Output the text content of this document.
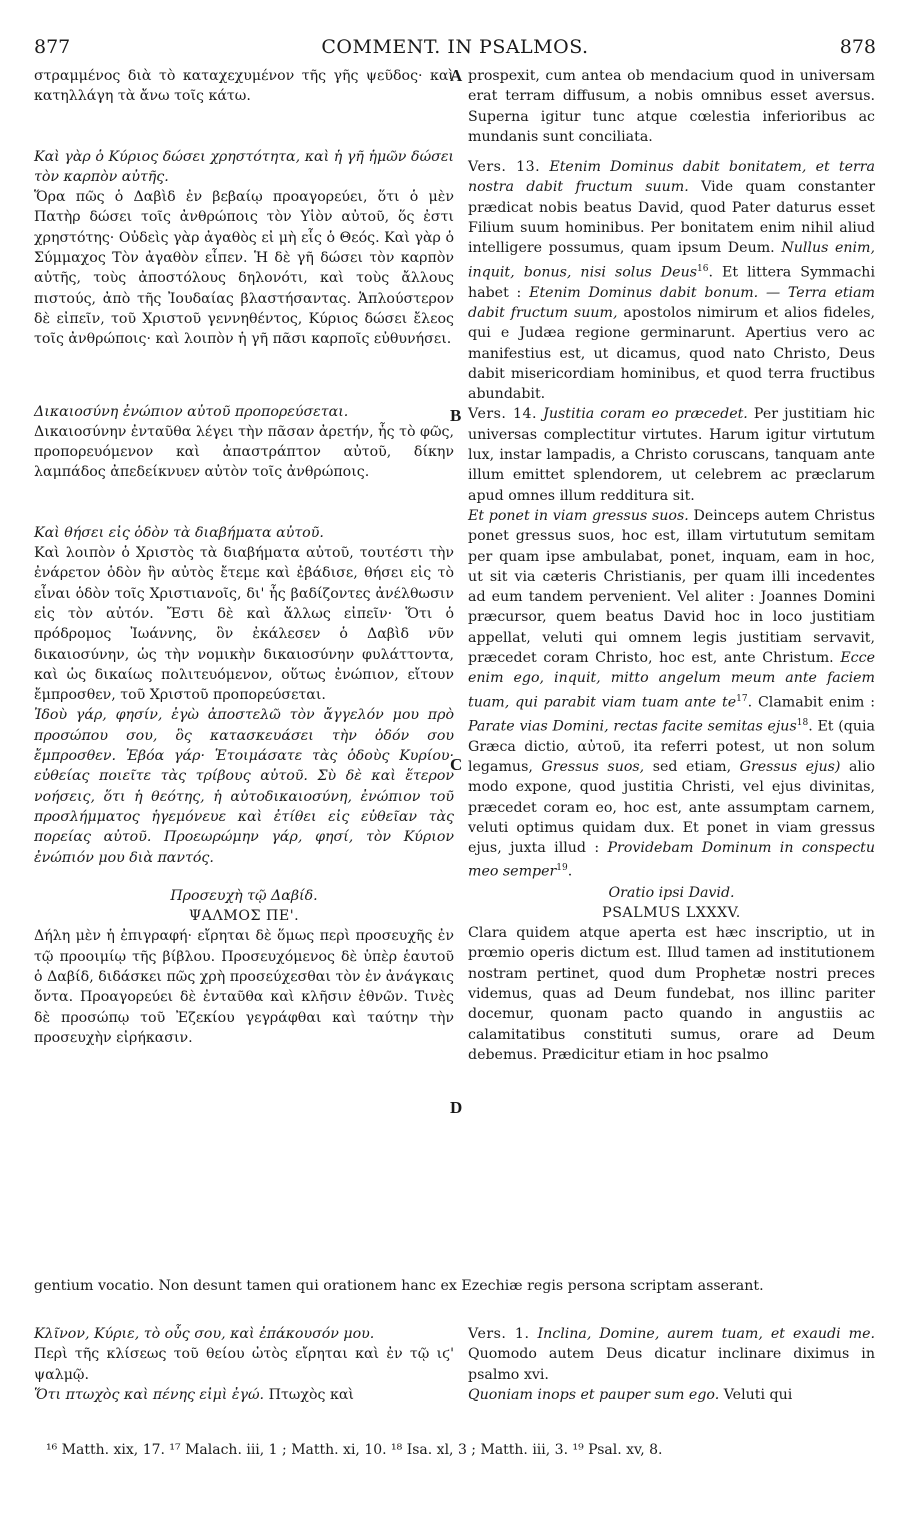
877	COMMENT. IN PSALMOS.	878
A
B
C
D

στραμμένος διὰ τὸ καταχεχυμένον τῆς γῆς ψεῦδος· καὶ κατηλλάγη τὰ ἄνω τοῖς κάτω.

Καὶ γὰρ ὁ Κύριος δώσει χρηστότητα, καὶ ἡ γῆ ἡμῶν δώσει τὸν καρπὸν αὐτῆς.

Ὅρα πῶς ὁ Δαβὶδ ἐν βεβαίῳ προαγορεύει, ὅτι ὁ μὲν Πατὴρ δώσει τοῖς ἀνθρώποις τὸν Υἱὸν αὐτοῦ, ὅς ἐστι χρηστότης· Οὐδεὶς γὰρ ἀγαθὸς εἰ μὴ εἷς ὁ Θεός. Καὶ γὰρ ὁ Σύμμαχος Τὸν ἀγαθὸν εἶπεν. Ἡ δὲ γῆ δώσει τὸν καρπὸν αὐτῆς, τοὺς ἀποστόλους δηλονότι, καὶ τοὺς ἄλλους πιστούς, ἀπὸ τῆς Ἰουδαίας βλαστήσαντας. Ἁπλούστερον δὲ εἰπεῖν, τοῦ Χριστοῦ γεννηθέντος, Κύριος δώσει ἔλεος τοῖς ἀνθρώποις· καὶ λοιπὸν ἡ γῆ πᾶσι καρποῖς εὐθυνήσει.

Δικαιοσύνη ἐνώπιον αὐτοῦ προπορεύσεται.

Δικαιοσύνην ἐνταῦθα λέγει τὴν πᾶσαν ἀρετήν, ἧς τὸ φῶς, προπορευόμενον καὶ ἀπαστράπτον αὐτοῦ, δίκην λαμπάδος ἀπεδείκνυεν αὐτὸν τοῖς ἀνθρώποις.

Καὶ θήσει εἰς ὁδὸν τὰ διαβήματα αὐτοῦ.

Καὶ λοιπὸν ὁ Χριστὸς τὰ διαβήματα αὐτοῦ, τουτέστι τὴν ἐνάρετον ὁδὸν ἣν αὐτὸς ἔτεμε καὶ ἐβάδισε, θήσει εἰς τὸ εἶναι ὁδὸν τοῖς Χριστιανοῖς, δι' ἧς βαδίζοντες ἀνέλθωσιν εἰς τὸν αὐτόν. Ἔστι δὲ καὶ ἄλλως εἰπεῖν· Ὅτι ὁ πρόδρομος Ἰωάννης, ὃν ἐκάλεσεν ὁ Δαβὶδ νῦν δικαιοσύνην, ὡς τὴν νομικὴν δικαιοσύνην φυλάττοντα, καὶ ὡς δικαίως πολιτευόμενον, οὕτως ἐνώπιον, εἴτουν ἔμπροσθεν, τοῦ Χριστοῦ προπορεύσεται.

Ἰδοὺ γάρ, φησίν, ἐγὼ ἀποστελῶ τὸν ἄγγελόν μου πρὸ προσώπου σου, ὃς κατασκευάσει τὴν ὁδόν σου ἔμπροσθεν. Ἐβόα γάρ· Ἑτοιμάσατε τὰς ὁδοὺς Κυρίου· εὐθείας ποιεῖτε τὰς τρίβους αὐτοῦ. Σὺ δὲ καὶ ἕτερον νοήσεις, ὅτι ἡ θεότης, ἡ αὐτοδικαιοσύνη, ἐνώπιον τοῦ προσλήμματος ἡγεμόνευε καὶ ἐτίθει εἰς εὐθεῖαν τὰς πορείας αὐτοῦ. Προεωρώμην γάρ, φησί, τὸν Κύριον ἐνώπιόν μου διὰ παντός.

Προσευχὴ τῷ Δαβίδ.

ΨΑΛΜΟΣ ΠΕ'.

Δήλη μὲν ἡ ἐπιγραφή· εἴρηται δὲ ὅμως περὶ προσευχῆς ἐν τῷ προοιμίῳ τῆς βίβλου. Προσευχόμενος δὲ ὑπὲρ ἑαυτοῦ ὁ Δαβίδ, διδάσκει πῶς χρὴ προσεύχεσθαι τὸν ἐν ἀνάγκαις ὄντα. Προαγορεύει δὲ ἐνταῦθα καὶ κλῆσιν ἐθνῶν. Τινὲς δὲ προσώπῳ τοῦ Ἐζεκίου γεγράφθαι καὶ ταύτην τὴν προσευχὴν εἰρήκασιν.

gentium vocatio. Non desunt tamen qui orationem hanc ex Ezechiæ regis persona scriptam asserant.

Κλῖνον, Κύριε, τὸ οὖς σου, καὶ ἐπάκουσόν μου.

Περὶ τῆς κλίσεως τοῦ θείου ὠτὸς εἴρηται καὶ ἐν τῷ ιϛ' ψαλμῷ.

Ὅτι πτωχὸς καὶ πένης εἰμὶ ἐγώ. Πτωχὸς καὶ

prospexit, cum antea ob mendacium quod in universam erat terram diffusum, a nobis omnibus esset aversus. Superna igitur tunc atque cœlestia inferioribus ac mundanis sunt conciliata.

Vers. 13. Etenim Dominus dabit bonitatem, et terra nostra dabit fructum suum. Vide quam constanter prædicat nobis beatus David, quod Pater daturus esset Filium suum hominibus. Per bonitatem enim nihil aliud intelligere possumus, quam ipsum Deum. Nullus enim, inquit, bonus, nisi solus Deus$^{16}$. Et littera Symmachi habet : Etenim Dominus dabit bonum. — Terra etiam dabit fructum suum, apostolos nimirum et alios fideles, qui e Judæa regione germinarunt. Apertius vero ac manifestius est, ut dicamus, quod nato Christo, Deus dabit misericordiam hominibus, et quod terra fructibus abundabit.

Vers. 14. Justitia coram eo præcedet. Per justitiam hic universas complectitur virtutes. Harum igitur virtutum lux, instar lampadis, a Christo coruscans, tanquam ante illum emittet splendorem, ut celebrem ac præclarum apud omnes illum redditura sit.

Et ponet in viam gressus suos. Deinceps autem Christus ponet gressus suos, hoc est, illam virtututum semitam per quam ipse ambulabat, ponet, inquam, eam in hoc, ut sit via cæteris Christianis, per quam illi incedentes ad eum tandem pervenient. Vel aliter : Joannes Domini præcursor, quem beatus David hoc in loco justitiam appellat, veluti qui omnem legis justitiam servavit, præcedet coram Christo, hoc est, ante Christum. Ecce enim ego, inquit, mitto angelum meum ante faciem tuam, qui parabit viam tuam ante $te^{17}$. Clamabit enim : Parate vias Domini, rectas facite semitas ejus$^{18}$. Et (quia Græca dictio, αὐτοῦ, ita referri potest, ut non solum legamus, Gressus suos, sed etiam, Gressus ejus) alio modo expone, quod justitia Christi, vel ejus divinitas, præcedet coram eo, hoc est, ante assumptam carnem, veluti optimus quidam dux. Et ponet in viam gressus ejus, juxta illud : Providebam Dominum in conspectu meo semper$^{19}$.

Oratio ipsi David.

PSALMUS LXXXV.

Clara quidem atque aperta est hæc inscriptio, ut in prœmio operis dictum est. Illud tamen ad institutionem nostram pertinet, quod dum Prophetæ nostri preces videmus, quas ad Deum fundebat, nos illinc pariter docemur, quonam pacto quando in angustiis ac calamitatibus constituti sumus, orare ad Deum debemus. Prædicitur etiam in hoc psalmo

Vers. 1. Inclina, Domine, aurem tuam, et exaudi me. Quomodo autem Deus dicatur inclinare diximus in psalmo xvi.

Quoniam inops et pauper sum ego. Veluti qui

¹⁶ Matth. xix, 17. ¹⁷ Malach. iii, 1 ; Matth. xi, 10. ¹⁸ Isa. xl, 3 ; Matth. iii, 3. ¹⁹ Psal. xv, 8.
